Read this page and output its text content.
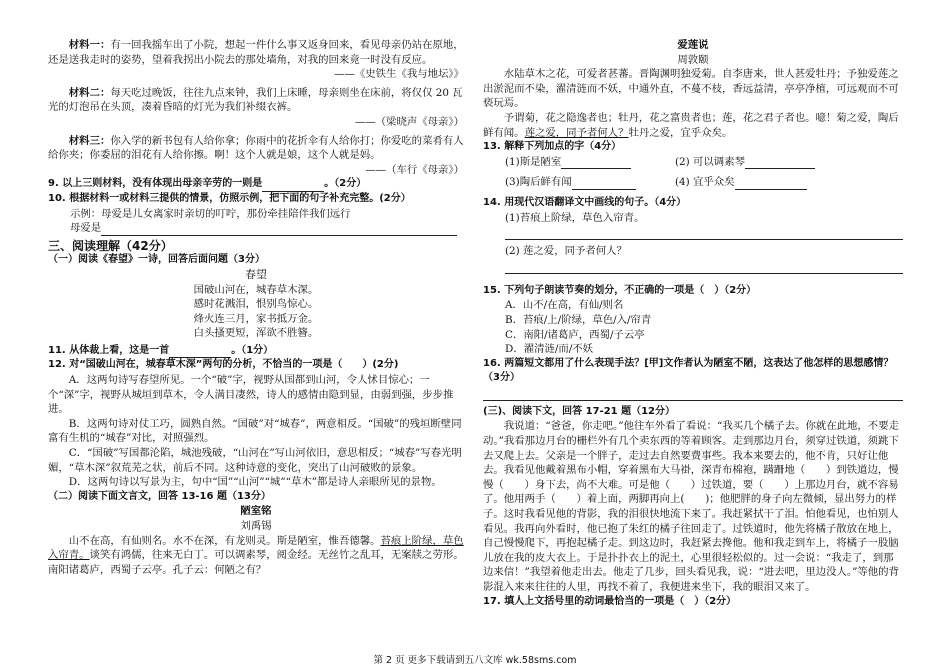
材料一：有一回我摇车出了小院，想起一件什么事又返身回来，看见母亲仍站在原地，还是送我走时的姿势，望着我拐出小院去的那处墙角，对我的回来竟一时没有反应。

——《史铁生《我与地坛》》

材料二：每天吃过晚饭，往往九点来钟，我们上床睡，母亲则坐在床前，将仅仅 20 瓦光的灯泡吊在头顶，凑着昏暗的灯光为我们补缀衣裤。

——（梁晓声《母亲》）

材料三：你入学的新书包有人给你拿；你雨中的花折伞有人给你打；你爱吃的菜肴有人给你夹；你委屈的泪花有人给你擦。啊！这个人就是娘，这个人就是妈。

——（车行《母亲》）

9. 以上三则材料，没有体现出母亲辛劳的一则是	。（2分）

10. 根据材料一或材料三提供的情景，仿照示例，把下面的句子补充完整。(2分）

示例：母爱是儿女离家时亲切的叮咛，那份牵挂陪伴我们远行

母爱是

三、阅读理解（42分）

（一）阅读《春望》一诗，回答后面问题（3分）

春望

国破山河在，城春草木深。

感时花溅泪，恨别鸟惊心。

烽火连三月，家书抵万金。

白头搔更短，浑欲不胜簪。

11. 从体裁上看，这是一首	。（1分）

12. 对“国破山河在，城春草木深”两句的分析，不恰当的一项是（　　）(2分)

A．这两句诗写春望所见。一个“破”字，视野从国都到山河，令人怵目惊心；一个“深”字，视野从城垣到草木，令人满目凄然，诗人的感情由隐到显，由弱到强，步步推进。

B．这两句诗对仗工巧，圆熟自然。“国破”对“城春”，两意相反。“国破”的残垣断壁同富有生机的“城春”对比，对照强烈。

C．“国破”写国都沦陷，城池残破，“山河在”写山河依旧，意思相反；“城春”写春光明媚，“草木深”叙荒芜之状，前后不同。这种诗意的变化，突出了山河破败的景象。

D．这两句诗以写景为主，句中“国”“山河”“城”“草木”都是诗人亲眼所见的景物。

（二）阅读下面文言文，回答 13-16 题（13分）

陋室铭

刘禹锡

山不在高，有仙则名。水不在深，有龙则灵。斯是陋室，惟吾德馨。苔痕上阶绿，草色入帘青。谈笑有鸿儒，往来无白丁。可以调素琴，阅金经。无丝竹之乱耳，无案牍之劳形。南阳诸葛庐，西蜀子云亭。孔子云：何陋之有？

爱莲说

周敦颐

水陆草木之花，可爱者甚蕃。晋陶渊明独爱菊。自李唐来，世人甚爱牡丹；予独爱莲之出淤泥而不染，濯清涟而不妖，中通外直，不蔓不枝，香远益清，亭亭净植，可远观而不可亵玩焉。

予谓菊，花之隐逸者也；牡丹，花之富贵者也；莲，花之君子者也。噫！菊之爱，陶后鲜有闻。莲之爱，同予者何人？牡丹之爱，宜乎众矣。

13. 解释下列加点的字（4分）

(1)斯是陋室	(2) 可以调素琴
(3)陶后鲜有闻	(4) 宜乎众矣

14. 用现代汉语翻译文中画线的句子。（4分）

(1)苔痕上阶绿，草色入帘青。

(2) 莲之爱，同予者何人？

15. 下列句子朗读节奏的划分，不正确的一项是（　）（2分）

A．山不/在高，有仙/则名

B．苔痕/上/阶绿，草色/入/帘青

C．南阳/诸葛庐，西蜀/子云亭

D．濯清涟/而/不妖

16. 两篇短文都用了什么表现手法？[甲]文作者认为陋室不陋，这表达了他怎样的思想感情？（3分）

(三)、阅读下文，回答 17-21 题（12分）

我说道：“爸爸，你走吧。”他往车外看了看说：“我买几个橘子去。你就在此地，不要走动。”我看那边月台的栅栏外有几个卖东西的等着顾客。走到那边月台，须穿过铁道，须跳下去又爬上去。父亲是一个胖子，走过去自然要费事些。我本来要去的，他不肯，只好让他去。我看见他戴着黑布小帽，穿着黑布大马褂，深青布棉袍，蹒跚地（　　）到铁道边，慢慢（　　）身下去，尚不大难。可是他（　　）过铁道，要（　　）上那边月台，就不容易了。他用两手（　　）着上面，两脚再向上(　　)；他肥胖的身子向左微倾，显出努力的样子。这时我看见他的背影，我的泪很快地流下来了。我赶紧拭干了泪。怕他看见，也怕别人看见。我再向外看时，他已抱了朱红的橘子往回走了。过铁道时，他先将橘子散放在地上，自己慢慢爬下，再抱起橘子走。到这边时，我赶紧去搀他。他和我走到车上，将橘子一股脑儿放在我的皮大衣上。于是扑扑衣上的泥土，心里很轻松似的。过一会说：“我走了，到那边来信！”我望着他走出去。他走了几步，回头看见我，说：“进去吧，里边没人。”等他的背影混入来来往往的人里，再找不着了，我便进来坐下，我的眼泪又来了。

17. 填人上文括号里的动词最恰当的一项是（　）（2分）

第 2 页 更多下载请到五八文库 wk.58sms.com
